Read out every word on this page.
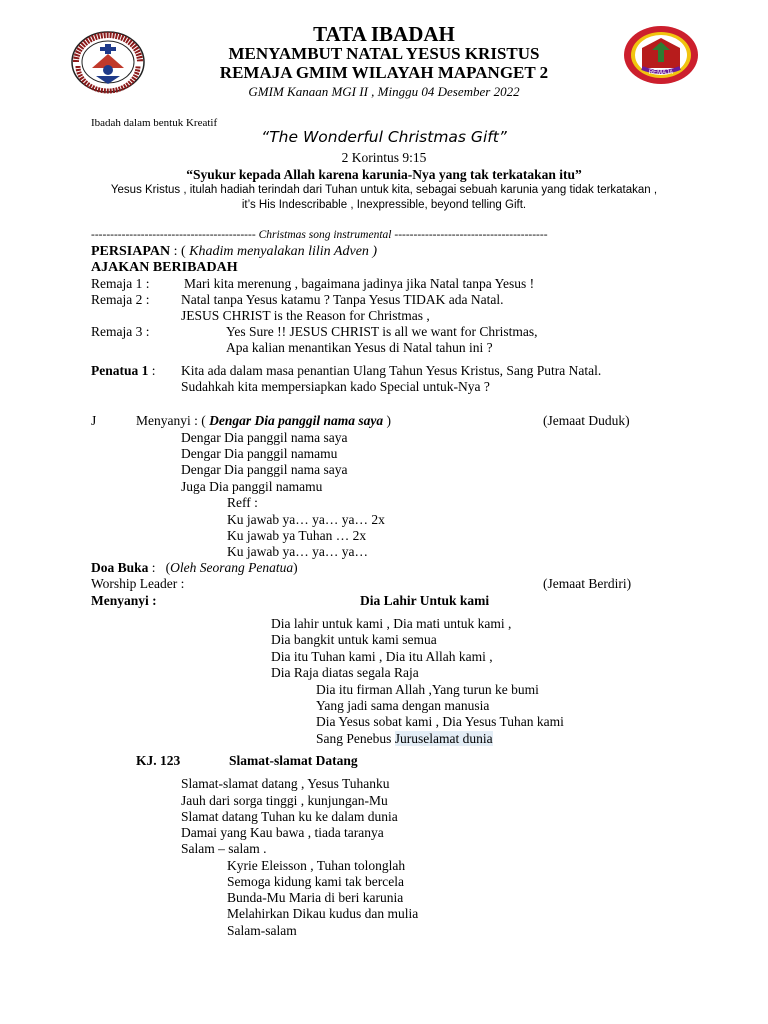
REMAJA
TATA IBADAH
MENYAMBUT NATAL YESUS KRISTUS
REMAJA GMIM WILAYAH MAPANGET 2
GMIM Kanaan MGI II , Minggu 04 Desember 2022
Ibadah dalam bentuk Kreatif
“The Wonderful Christmas Gift”
2 Korintus 9:15
“Syukur kepada Allah karena karunia-Nya yang tak terkatakan itu”
Yesus Kristus , itulah hadiah terindah dari Tuhan untuk kita, sebagai sebuah karunia yang tidak terkatakan ,
it’s His Indescribable , Inexpressible, beyond telling Gift.
------------------------------------------- Christmas song instrumental ----------------------------------------
PERSIAPAN : ( Khadim menyalakan lilin Adven )
AJAKAN BERIBADAH
Remaja 1 :	Mari kita merenung , bagaimana jadinya jika Natal tanpa Yesus !
Remaja 2 : Natal tanpa Yesus katamu ? Tanpa Yesus TIDAK ada Natal.
JESUS CHRIST is the Reason for Christmas ,
Remaja 3 :	Yes Sure !! JESUS CHRIST is all we want for Christmas,
Apa kalian menantikan Yesus di Natal tahun ini ?
Penatua 1 : Kita ada dalam masa penantian Ulang Tahun Yesus Kristus, Sang Putra Natal.
Sudahkah kita mempersiapkan kado Special untuk-Nya ?
J	Menyanyi : ( Dengar Dia panggil nama saya )	(Jemaat Duduk)
Dengar Dia panggil nama saya
Dengar Dia panggil namamu
Dengar Dia panggil nama saya
Juga Dia panggil namamu
Reff :
Ku jawab ya… ya… ya… 2x
Ku jawab ya Tuhan … 2x
Ku jawab ya… ya… ya…
Doa Buka :   (Oleh Seorang Penatua)
Worship Leader :	(Jemaat Berdiri)
Menyanyi :	Dia Lahir Untuk kami
Dia lahir untuk kami , Dia mati untuk kami ,
Dia bangkit untuk kami semua
Dia itu Tuhan kami , Dia itu Allah kami ,
Dia Raja diatas segala Raja
Dia itu firman Allah ,Yang turun ke bumi
Yang jadi sama dengan manusia
Dia Yesus sobat kami , Dia Yesus Tuhan kami
Sang Penebus Juruselamat dunia
KJ. 123	Slamat-slamat Datang
Slamat-slamat datang , Yesus Tuhanku
Jauh dari sorga tinggi , kunjungan-Mu
Slamat datang Tuhan ku ke dalam dunia
Damai yang Kau bawa , tiada taranya
Salam – salam .
Kyrie Eleisson , Tuhan tolonglah
Semoga kidung kami tak bercela
Bunda-Mu Maria di beri karunia
Melahirkan Dikau kudus dan mulia
Salam-salam
